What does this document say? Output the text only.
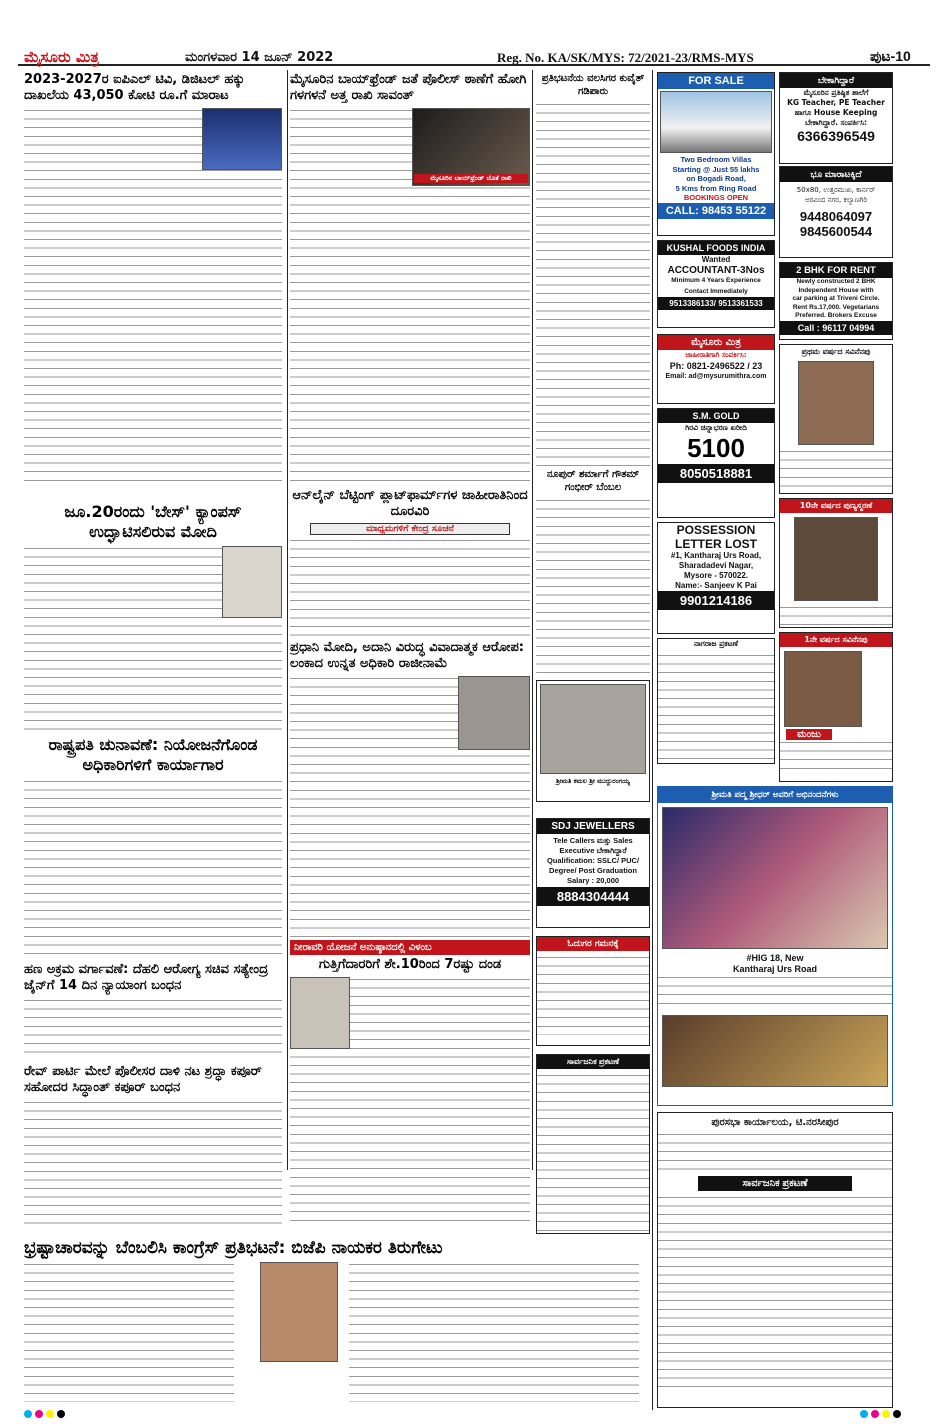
ಮೈಸೂರು ಮಿತ್ರ	ಮಂಗಳವಾರ 14 ಜೂನ್ 2022	Reg. No. KA/SK/MYS: 72/2021-23/RMS-MYS	ಪುಟ-10
2023-2027ರ ಐಪಿಎಲ್ ಟಿವಿ, ಡಿಜಿಟಲ್ ಹಕ್ಕು ದಾಖಲೆಯ 43,050 ಕೋಟಿ ರೂ.ಗೆ ಮಾರಾಟ
ಜೂ.20ರಂದು 'ಬೇಸ್' ಕ್ಯಾಂಪಸ್ ಉದ್ಘಾಟಿಸಲಿರುವ ಮೋದಿ
ರಾಷ್ಟ್ರಪತಿ ಚುನಾವಣೆ: ನಿಯೋಜನೆಗೊಂಡ ಅಧಿಕಾರಿಗಳಿಗೆ ಕಾರ್ಯಾಗಾರ
ಹಣ ಅಕ್ರಮ ವರ್ಗಾವಣೆ: ದೆಹಲಿ ಆರೋಗ್ಯ ಸಚಿವ ಸತ್ಯೇಂದ್ರ ಜೈನ್‌ಗೆ 14 ದಿನ ನ್ಯಾಯಾಂಗ ಬಂಧನ
ರೇವ್ ಪಾರ್ಟಿ ಮೇಲೆ ಪೊಲೀಸರ ದಾಳಿ ನಟ ಶ್ರದ್ಧಾ ಕಪೂರ್ ಸಹೋದರ ಸಿದ್ಧಾಂತ್ ಕಪೂರ್ ಬಂಧನ
ಮೈಸೂರಿನ ಬಾಯ್‌ಫ್ರೆಂಡ್ ಜತೆ ಪೊಲೀಸ್ ಠಾಣೆಗೆ ಹೋಗಿ ಗಳಗಳನೆ ಅತ್ತ ರಾಖಿ ಸಾವಂತ್
ಮೈಸೂರಿನ ಬಾಯ್‌ಫ್ರೆಂಡ್ ಜೊತೆ ರಾಖಿ
ಆನ್‌ಲೈನ್ ಬೆಟ್ಟಿಂಗ್ ಪ್ಲಾಟ್‌ಫಾರ್ಮ್‌ಗಳ ಜಾಹೀರಾತಿನಿಂದ ದೂರವಿರಿ
ಮಾಧ್ಯಮಗಳಿಗೆ ಕೇಂದ್ರ ಸೂಚನೆ
ಪ್ರಧಾನಿ ಮೋದಿ, ಅದಾನಿ ವಿರುದ್ಧ ವಿವಾದಾತ್ಮಕ ಆರೋಪ: ಲಂಕಾದ ಉನ್ನತ ಅಧಿಕಾರಿ ರಾಜೀನಾಮೆ
ನೀರಾವರಿ ಯೋಜನೆ ಅನುಷ್ಠಾನದಲ್ಲಿ ವಿಳಂಬ
ಗುತ್ತಿಗೆದಾರರಿಗೆ ಶೇ.10ರಿಂದ 7ರಷ್ಟು ದಂಡ
ಪ್ರತಿಭಟನೆಯ ವಲಸಿಗರ ಕುವೈತ್ ಗಡಿಪಾರು
ನೂಪುರ್ ಶರ್ಮಾಗೆ ಗೌತಮ್ ಗಂಭೀರ್ ಬೆಂಬಲ
ಶ್ರೀಮತಿ ಕಮಲ ಶ್ರೀ ಮುದ್ದುರಂಗಯ್ಯ
SDJ JEWELLERS
Tele Callers ಮತ್ತು Sales
Executive ಬೇಕಾಗಿದ್ದಾರೆ
Qualification: SSLC/ PUC/
Degree/ Post Graduation
Salary : 20,000
8884304444
ಓದುಗರ ಗಮನಕ್ಕೆ
ಸಾರ್ವಜನಿಕ ಪ್ರಕಟಣೆ
ಭ್ರಷ್ಟಾಚಾರವನ್ನು ಬೆಂಬಲಿಸಿ ಕಾಂಗ್ರೆಸ್ ಪ್ರತಿಭಟನೆ: ಬಿಜೆಪಿ ನಾಯಕರ ತಿರುಗೇಟು

FOR SALE
Two Bedroom Villas
Starting @ Just 55 lakhs
on Bogadi Road,
5 Kms from Ring Road
BOOKINGS OPEN
CALL: 98453 55122
ಬೇಕಾಗಿದ್ದಾರೆ
ಮೈಸೂರಿನ ಪ್ರತಿಷ್ಠಿತ ಶಾಲೆಗೆ
KG Teacher, PE Teacher
ಹಾಗೂ House Keeping
ಬೇಕಾಗಿದ್ದಾರೆ. ಸಂಪರ್ಕಿಸಿ:
6366396549
ಭೂ ಮಾರಾಟಕ್ಕಿದೆ
50x80, ಉತ್ತರಮುಖ, ಕಾರ್ನರ್
ಅರವಿಂದ ನಗರ, ಕಲ್ಯಾಣಗಿರಿ
9448064097
9845600544
KUSHAL FOODS INDIA
Wanted
ACCOUNTANT-3Nos
Minimum 4 Years Experience
Contact Immediately
9513386133/ 9513361533
2 BHK FOR RENT
Newly constructed 2 BHK
Independent House with
car parking at Triveni Circle.
Rent Rs.17,000. Vegetarians
Preferred. Brokers Excuse
Call : 96117 04994
ಮೈಸೂರು ಮಿತ್ರ
ಜಾಹೀರಾತಿಗಾಗಿ ಸಂಪರ್ಕಿಸಿ:
Ph: 0821-2496522 / 23
Email: ad@mysurumithra.com
ಪ್ರಥಮ ವರ್ಷದ ಸವಿನೆನಪು
S.M. GOLD
ಗಿರವಿ ಚಿನ್ನಾಭರಣ ಖರೀದಿ
5100
8050518881
10ನೇ ವರ್ಷದ ಪುಣ್ಯಸ್ಮರಣೆ
POSSESSION
LETTER LOST
#1, Kantharaj Urs Road,
Sharadadevi Nagar,
Mysore - 570022.
Name:- Sanjeev K Pai
9901214186
1ನೇ ವರ್ಷದ ಸವಿನೆನಪು
ಮಂಜು
ನಾಗರಾಜ ಪ್ರಕಟಣೆ
ಶ್ರೀಮತಿ ಪದ್ಮ ಶ್ರೀಧರ್ ಅವರಿಗೆ ಅಭಿನಂದನೆಗಳು
#HIG 18, New
Kantharaj Urs Road
ಪುರಸಭಾ ಕಾರ್ಯಾಲಯ, ಟಿ.ನರಸೀಪುರ
ಸಾರ್ವಜನಿಕ ಪ್ರಕಟಣೆ
